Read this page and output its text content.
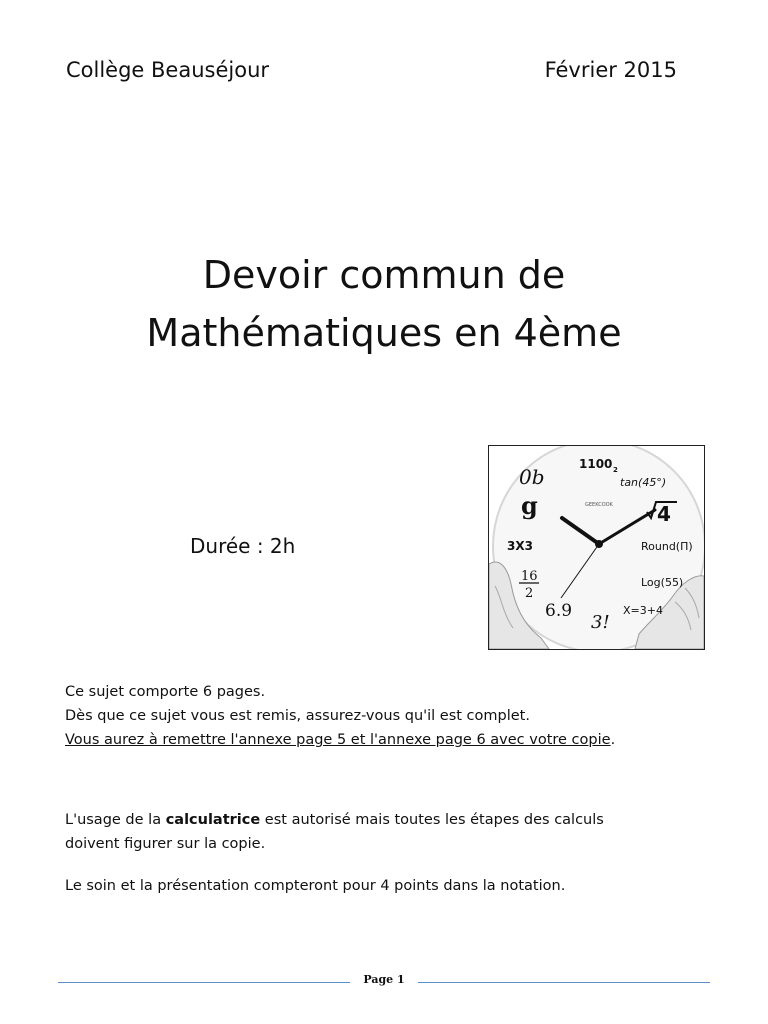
Collège Beauséjour	Février 2015
Devoir commun de
Mathématiques en 4ème
Durée : 2h
0b
1100 2
tan(45°)
GEEKCOOK
g	4
3X3	Round(Π)
16
2
Log(55)
6.9
3!
X=3+4
Ce sujet comporte 6 pages.
Dès que ce sujet vous est remis, assurez-vous qu'il est complet.
Vous aurez à remettre l'annexe page 5 et l'annexe page 6 avec votre copie.
L'usage de la calculatrice est autorisé mais toutes les étapes des calculs
doivent figurer sur la copie.
Le soin et la présentation compteront pour 4 points dans la notation.
Page 1
